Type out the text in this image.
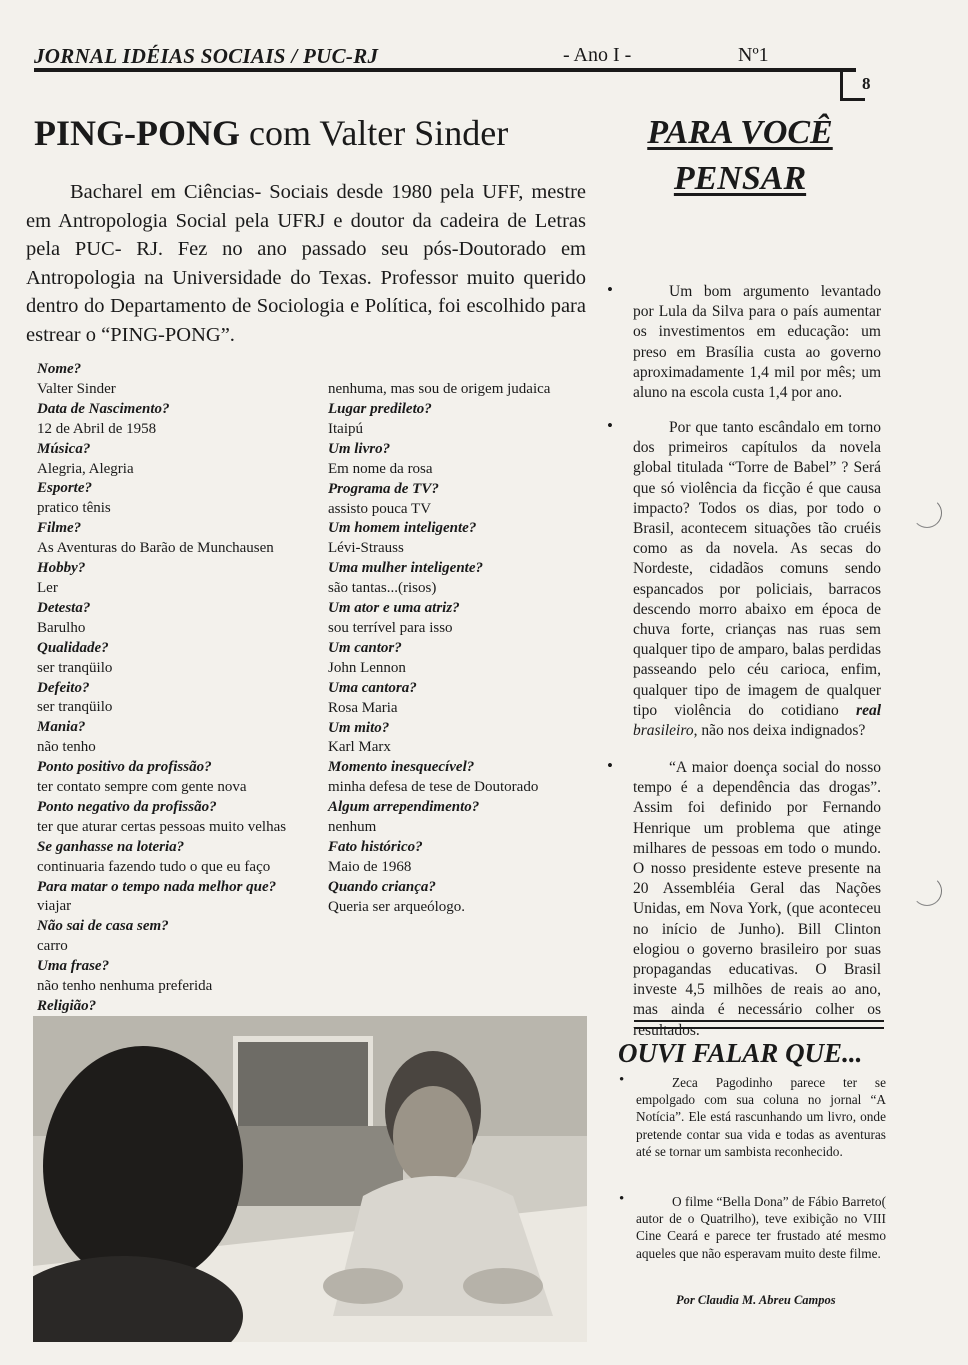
JORNAL IDÉIAS SOCIAIS / PUC-RJ	- Ano I -	Nº1
8
PING-PONG com Valter Sinder
Bacharel em Ciências- Sociais desde 1980 pela UFF, mestre em Antropologia Social pela UFRJ e doutor da cadeira de Letras pela PUC- RJ. Fez no ano passado seu pós-Doutorado em Antropologia na Universidade do Texas. Professor muito querido dentro do Departamento de Sociologia e Política, foi escolhido para estrear o “PING-PONG”.
Nome?
Valter Sinder
Data de Nascimento?
12 de Abril de 1958
Música?
Alegria, Alegria
Esporte?
pratico tênis
Filme?
As Aventuras do Barão de Munchausen
Hobby?
Ler
Detesta?
Barulho
Qualidade?
ser tranqüilo
Defeito?
ser tranqüilo
Mania?
não tenho
Ponto positivo da profissão?
ter contato sempre com gente nova
Ponto negativo da profissão?
ter que aturar certas pessoas muito velhas
Se ganhasse na loteria?
continuaria fazendo tudo o que eu faço
Para matar o tempo nada melhor que?
viajar
Não sai de casa sem?
carro
Uma frase?
não tenho nenhuma preferida
Religião?
nenhuma, mas sou de origem judaica
Lugar predileto?
Itaipú
Um livro?
Em nome da rosa
Programa de TV?
assisto pouca TV
Um homem inteligente?
Lévi-Strauss
Uma mulher inteligente?
são tantas...(risos)
Um ator e uma atriz?
sou terrível para isso
Um cantor?
John Lennon
Uma cantora?
Rosa Maria
Um mito?
Karl Marx
Momento inesquecível?
minha defesa de tese de Doutorado
Algum arrependimento?
nenhum
Fato histórico?
Maio de 1968
Quando criança?
Queria ser arqueólogo.
PARA VOCÊ
PENSAR
• Um bom argumento levantado por Lula da Silva para o país aumentar os investimentos em educação: um preso em Brasília custa ao governo aproximadamente 1,4 mil por mês; um aluno na escola custa 1,4 por ano.
• Por que tanto escândalo em torno dos primeiros capítulos da novela global titulada “Torre de Babel” ? Será que só violência da ficção é que causa impacto? Todos os dias, por todo o Brasil, acontecem situações tão cruéis como as da novela. As secas do Nordeste, cidadãos comuns sendo espancados por policiais, barracos descendo morro abaixo em época de chuva forte, crianças nas ruas sem qualquer tipo de amparo, balas perdidas passeando pelo céu carioca, enfim, qualquer tipo de imagem de qualquer tipo violência do cotidiano real brasileiro, não nos deixa indignados?
• “A maior doença social do nosso tempo é a dependência das drogas”. Assim foi definido por Fernando Henrique um problema que atinge milhares de pessoas em todo o mundo. O nosso presidente esteve presente na 20 Assembléia Geral das Nações Unidas, em Nova York, (que aconteceu no início de Junho). Bill Clinton elogiou o governo brasileiro por suas propagandas educativas. O Brasil investe 4,5 milhões de reais ao ano, mas ainda é necessário colher os resultados.
OUVI FALAR QUE...
• Zeca Pagodinho parece ter se empolgado com sua coluna no jornal “A Notícia”. Ele está rascunhando um livro, onde pretende contar sua vida e todas as aventuras até se tornar um sambista reconhecido.
• O filme “Bella Dona” de Fábio Barreto( autor de o Quatrilho), teve exibição no VIII Cine Ceará e parece ter frustado até mesmo aqueles que não esperavam muito deste filme.
Por Claudia M. Abreu Campos
